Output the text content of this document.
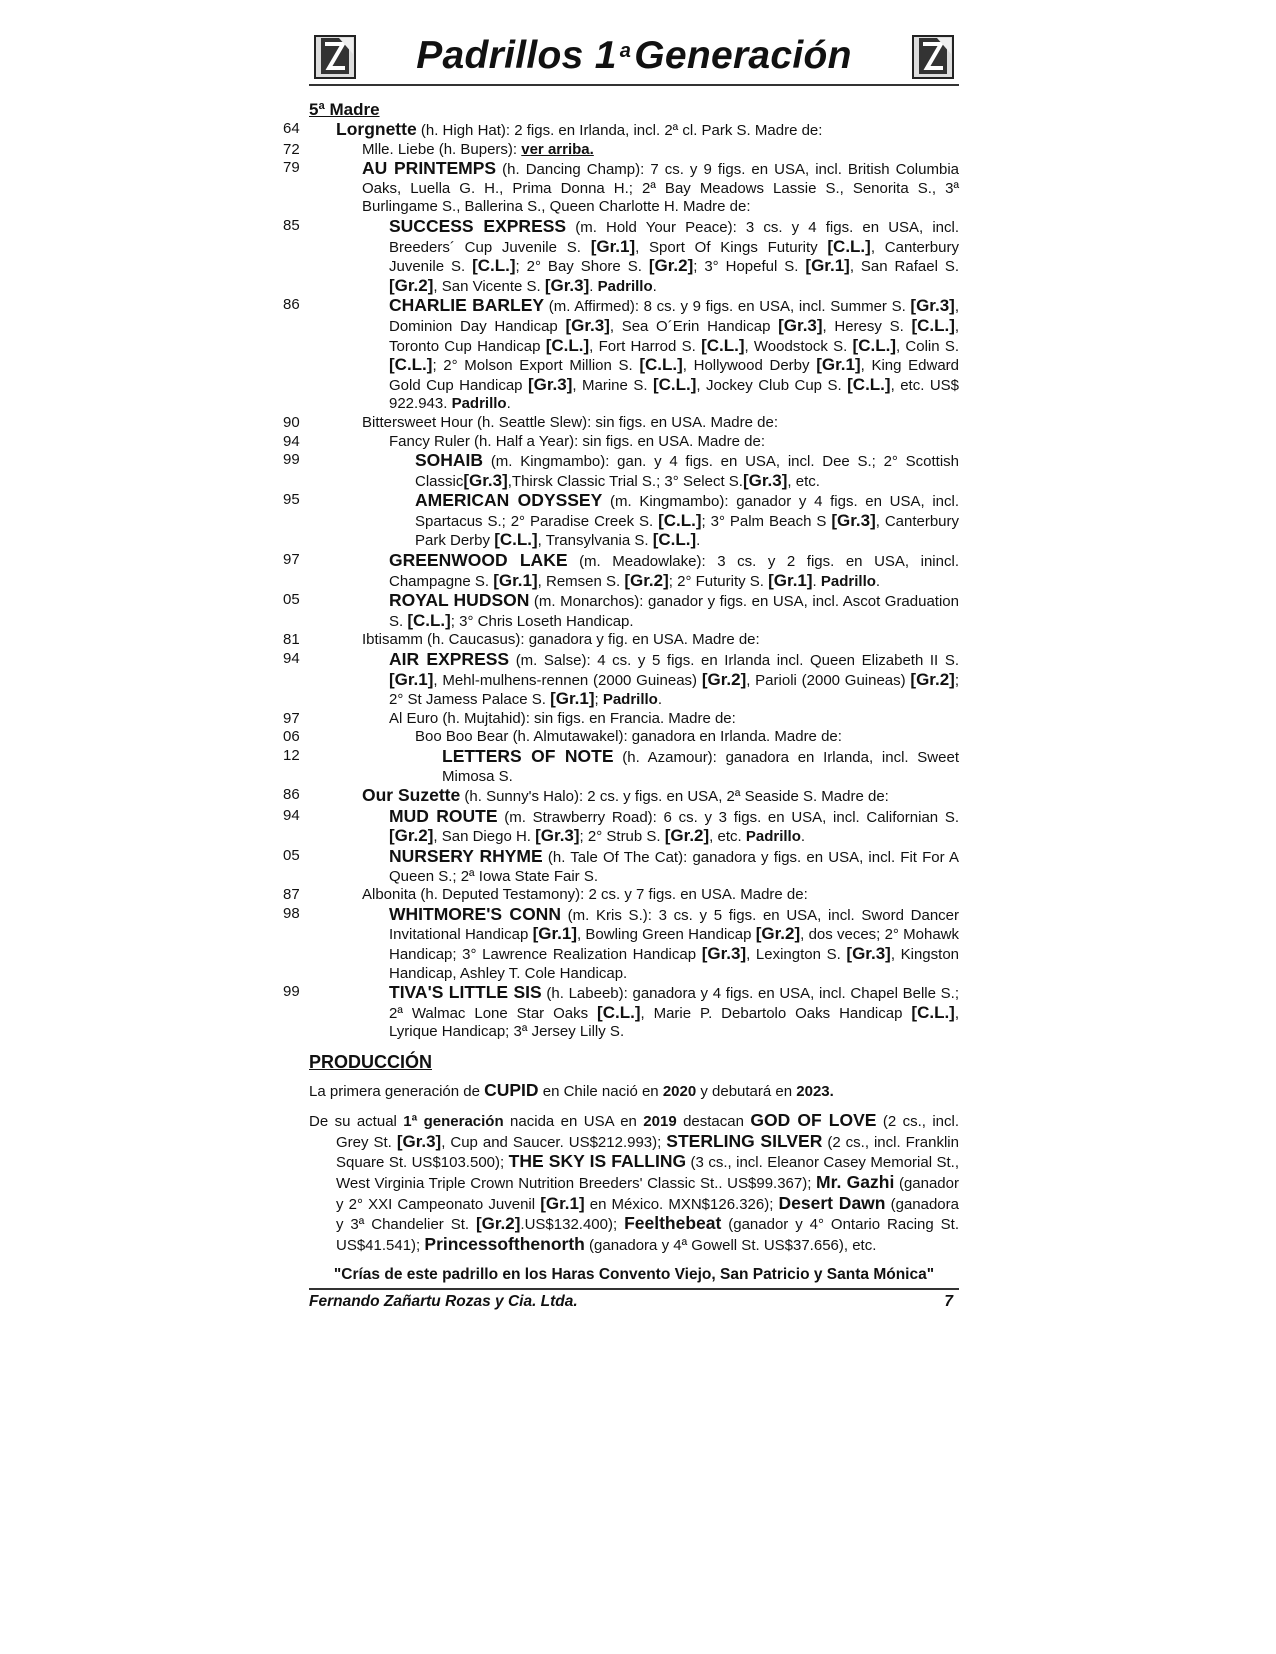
Padrillos 1 $^a$Generación
5ª Madre
64 Lorgnette (h. High Hat): 2 figs. en Irlanda, incl. 2ª cl. Park S. Madre de:
72	Mlle. Liebe (h. Bupers): ver arriba.
79	AU PRINTEMPS (h. Dancing Champ): 7 cs. y 9 figs. en USA, incl. British Columbia Oaks, Luella G. H., Prima Donna H.; 2ª Bay Meadows Lassie S., Senorita S., 3ª Burlingame S., Ballerina S., Queen Charlotte H. Madre de:
85	SUCCESS EXPRESS (m. Hold Your Peace): 3 cs. y 4 figs. en USA, incl. Breeders´ Cup Juvenile S. [Gr.1], Sport Of Kings Futurity [C.L.], Canterbury Juvenile S. [C.L.]; 2° Bay Shore S. [Gr.2]; 3° Hopeful S. [Gr.1], San Rafael S. [Gr.2], San Vicente S. [Gr.3]. Padrillo.
86	CHARLIE BARLEY (m. Affirmed): 8 cs. y 9 figs. en USA, incl. Summer S. [Gr.3], Dominion Day Handicap [Gr.3], Sea O´Erin Handicap [Gr.3], Heresy S. [C.L.], Toronto Cup Handicap [C.L.], Fort Harrod S. [C.L.], Woodstock S. [C.L.], Colin S. [C.L.]; 2° Molson Export Million S. [C.L.], Hollywood Derby [Gr.1], King Edward Gold Cup Handicap [Gr.3], Marine S. [C.L.], Jockey Club Cup S. [C.L.], etc. US$ 922.943. Padrillo.
90	Bittersweet Hour (h. Seattle Slew): sin figs. en USA. Madre de:
94	Fancy Ruler (h. Half a Year): sin figs. en USA. Madre de:
99	SOHAIB (m. Kingmambo): gan. y 4 figs. en USA, incl. Dee S.; 2° Scottish Classic[Gr.3],Thirsk Classic Trial S.; 3° Select S.[Gr.3], etc.
95	AMERICAN ODYSSEY (m. Kingmambo): ganador y 4 figs. en USA, incl. Spartacus S.; 2° Paradise Creek S. [C.L.]; 3° Palm Beach S [Gr.3], Canterbury Park Derby [C.L.], Transylvania S. [C.L.].
97	GREENWOOD LAKE (m. Meadowlake): 3 cs. y 2 figs. en USA, inincl. Champagne S. [Gr.1], Remsen S. [Gr.2]; 2° Futurity S. [Gr.1]. Padrillo.
05	ROYAL HUDSON (m. Monarchos): ganador y figs. en USA, incl. Ascot Graduation S. [C.L.]; 3° Chris Loseth Handicap.
81	Ibtisamm (h. Caucasus): ganadora y fig. en USA. Madre de:
94	AIR EXPRESS (m. Salse): 4 cs. y 5 figs. en Irlanda incl. Queen Elizabeth II S. [Gr.1], Mehl-mulhens-rennen (2000 Guineas) [Gr.2], Parioli (2000 Guineas) [Gr.2]; 2° St Jamess Palace S. [Gr.1]; Padrillo.
97	Al Euro (h. Mujtahid): sin figs. en Francia. Madre de:
06	Boo Boo Bear (h. Almutawakel): ganadora en Irlanda. Madre de:
12	LETTERS OF NOTE (h. Azamour): ganadora en Irlanda, incl. Sweet Mimosa S.
86	Our Suzette (h. Sunny's Halo): 2 cs. y figs. en USA, 2ª Seaside S. Madre de:
94	MUD ROUTE (m. Strawberry Road): 6 cs. y 3 figs. en USA, incl. Californian S. [Gr.2], San Diego H. [Gr.3]; 2° Strub S. [Gr.2], etc. Padrillo.
05	NURSERY RHYME (h. Tale Of The Cat): ganadora y figs. en USA, incl. Fit For A Queen S.; 2ª Iowa State Fair S.
87	Albonita (h. Deputed Testamony): 2 cs. y 7 figs. en USA. Madre de:
98	WHITMORE'S CONN (m. Kris S.): 3 cs. y 5 figs. en USA, incl. Sword Dancer Invitational Handicap [Gr.1], Bowling Green Handicap [Gr.2], dos veces; 2° Mohawk Handicap; 3° Lawrence Realization Handicap [Gr.3], Lexington S. [Gr.3], Kingston Handicap, Ashley T. Cole Handicap.
99	TIVA'S LITTLE SIS (h. Labeeb): ganadora y 4 figs. en USA, incl. Chapel Belle S.; 2ª Walmac Lone Star Oaks [C.L.], Marie P. Debartolo Oaks Handicap [C.L.], Lyrique Handicap; 3ª Jersey Lilly S.
PRODUCCIÓN
La primera generación de CUPID en Chile nació en 2020 y debutará en 2023.
De su actual 1ª generación nacida en USA en 2019 destacan GOD OF LOVE (2 cs., incl. Grey St. [Gr.3], Cup and Saucer. US$212.993); STERLING SILVER (2 cs., incl. Franklin Square St. US$103.500); THE SKY IS FALLING (3 cs., incl. Eleanor Casey Memorial St., West Virginia Triple Crown Nutrition Breeders' Classic St.. US$99.367); Mr. Gazhi (ganador y 2° XXI Campeonato Juvenil [Gr.1] en México. MXN$126.326); Desert Dawn (ganadora y 3ª Chandelier St. [Gr.2].US$132.400); Feelthebeat (ganador y 4° Ontario Racing St. US$41.541); Princessofthenorth (ganadora y 4ª Gowell St. US$37.656), etc.
"Crías de este padrillo en los Haras Convento Viejo, San Patricio y Santa Mónica"
Fernando Zañartu Rozas y Cia. Ltda.	7
